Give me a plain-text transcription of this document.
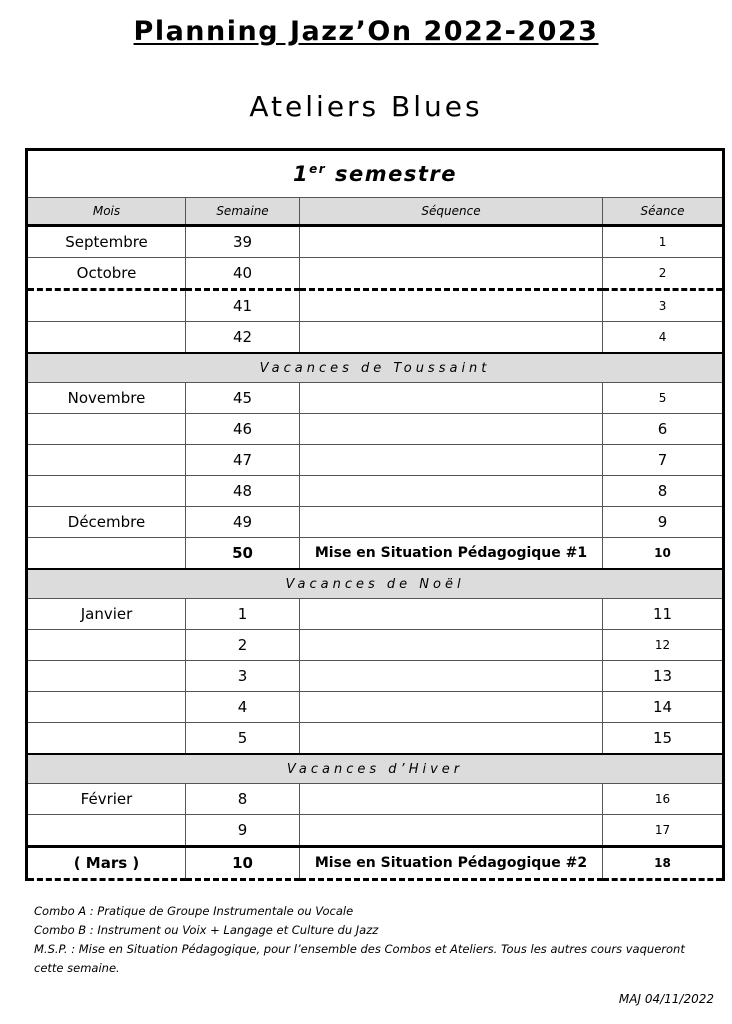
Planning Jazz’On 2022-2023
Ateliers Blues
1er semestre			
Mois	Semaine	Séquence	Séance
Septembre	39		1
Octobre	40		2
	41		3
	42		4
Vacances de Toussaint			
Novembre	45		5
	46		6
	47		7
	48		8
Décembre	49		9
	50	Mise en Situation Pédagogique #1	10
Vacances de Noël			
Janvier	1		11
	2		12
	3		13
	4		14
	5		15
Vacances d’Hiver			
Février	8		16
	9		17
( Mars )	10	Mise en Situation Pédagogique #2	18
Combo A : Pratique de Groupe Instrumentale ou Vocale
Combo B : Instrument ou Voix + Langage et Culture du Jazz
M.S.P. : Mise en Situation Pédagogique, pour l’ensemble des Combos et Ateliers. Tous les autres cours vaqueront cette semaine.
MAJ 04/11/2022
